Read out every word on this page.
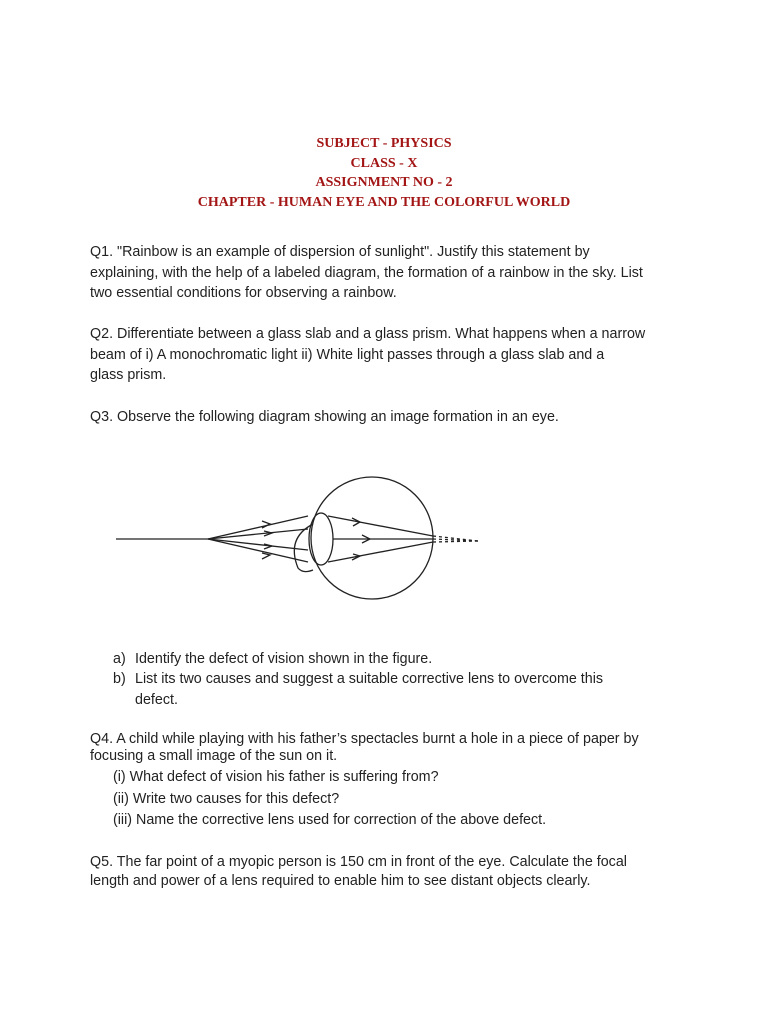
SUBJECT - PHYSICS
CLASS - X
ASSIGNMENT NO - 2
CHAPTER - HUMAN EYE AND THE COLORFUL WORLD
Q1. "Rainbow is an example of dispersion of sunlight". Justify this statement by
explaining, with the help of a labeled diagram, the formation of a rainbow in the sky. List
two essential conditions for observing a rainbow.
Q2. Differentiate between a glass slab and a glass prism. What happens when a narrow
beam of i) A monochromatic light ii) White light passes through a glass slab and a
glass prism.
Q3. Observe the following diagram showing an image formation in an eye.
a) Identify the defect of vision shown in the figure.
b) List its two causes and suggest a suitable corrective lens to overcome this
defect.
Q4. A child while playing with his father’s spectacles burnt a hole in a piece of paper by
focusing a small image of the sun on it.
(i) What defect of vision his father is suffering from?
(ii) Write two causes for this defect?
(iii) Name the corrective lens used for correction of the above defect.
Q5. The far point of a myopic person is 150 cm in front of the eye. Calculate the focal
length and power of a lens required to enable him to see distant objects clearly.
